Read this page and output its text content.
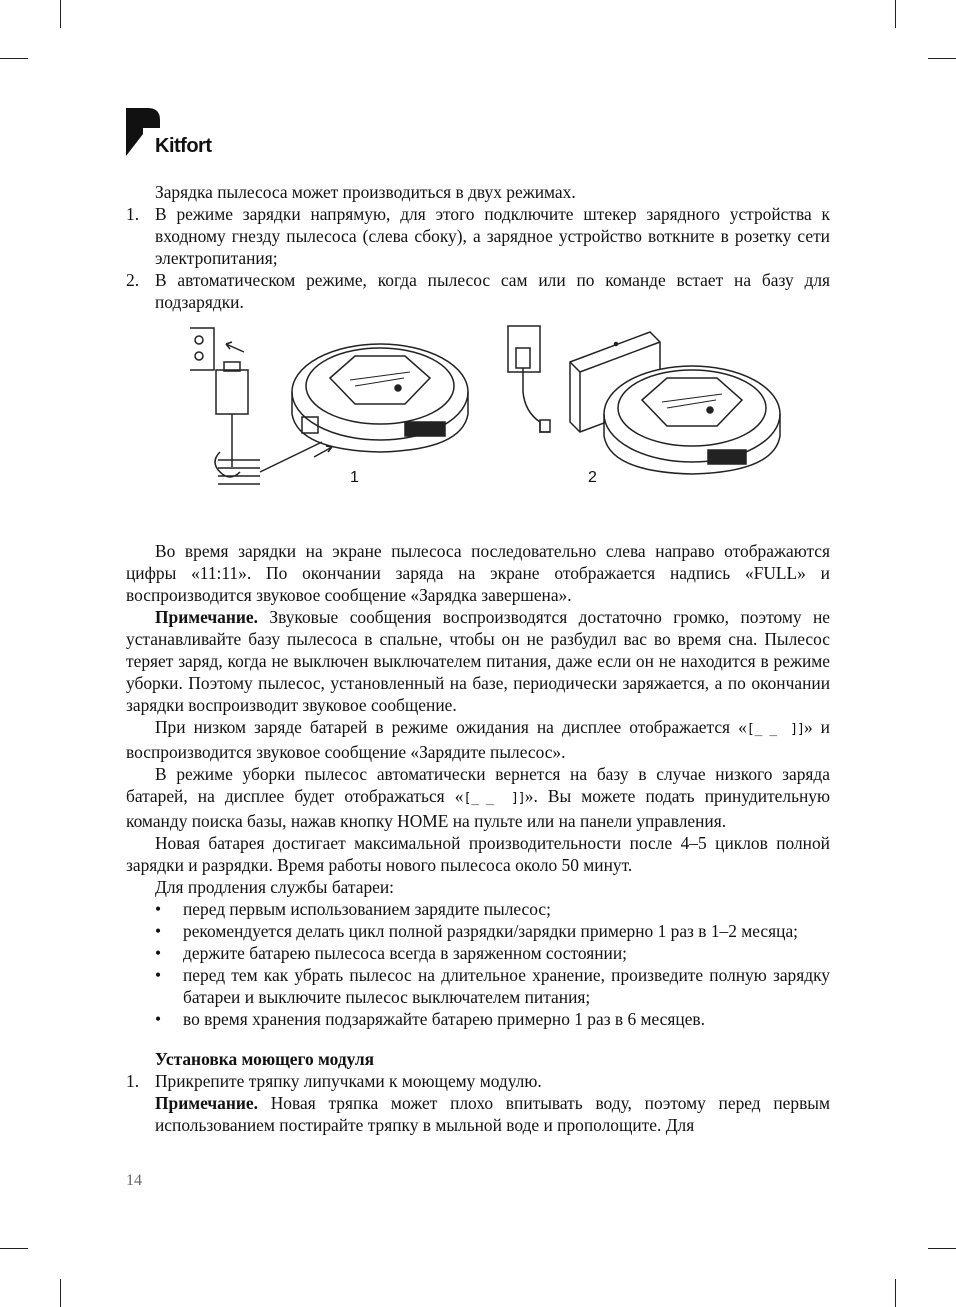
Kitfort

Зарядка пылесоса может производиться в двух режимах.

1. В режиме зарядки напрямую, для этого подключите штекер зарядного устройства к входному гнезду пылесоса (слева сбоку), а зарядное устройство воткните в розетку сети электропитания;
2. В автоматическом режиме, когда пылесос сам или по команде встает на базу для подзарядки.
1	2

Во время зарядки на экране пылесоса последовательно слева направо отображаются цифры «11:11». По окончании заряда на экране отображается надпись «FULL» и воспроизводится звуковое сообщение «Зарядка завершена».

Примечание. Звуковые сообщения воспроизводятся достаточно громко, поэтому не устанавливайте базу пылесоса в спальне, чтобы он не разбудил вас во время сна. Пылесос теряет заряд, когда не выключен выключателем питания, даже если он не находится в режиме уборки. Поэтому пылесос, установленный на базе, периодически заряжается, а по окончании зарядки воспроизводит звуковое сообщение.

При низком заряде батарей в режиме ожидания на дисплее отображается «[̲ ̲ ]]» и воспроизводится звуковое сообщение «Зарядите пылесос».

В режиме уборки пылесос автоматически вернется на базу в случае низкого заряда батарей, на дисплее будет отображаться «[̲ ̲ ]]». Вы можете подать принудительную команду поиска базы, нажав кнопку HOME на пульте или на панели управления.

Новая батарея достигает максимальной производительности после 4–5 циклов полной зарядки и разрядки. Время работы нового пылесоса около 50 минут.

Для продления службы батареи:

• перед первым использованием зарядите пылесос;
• рекомендуется делать цикл полной разрядки/зарядки примерно 1 раз в 1–2 месяца;
• держите батарею пылесоса всегда в заряженном состоянии;
• перед тем как убрать пылесос на длительное хранение, произведите полную зарядку батареи и выключите пылесос выключателем питания;
• во время хранения подзаряжайте батарею примерно 1 раз в 6 месяцев.

Установка моющего модуля

1. Прикрепите тряпку липучками к моющему модулю.

Примечание. Новая тряпка может плохо впитывать воду, поэтому перед первым использованием постирайте тряпку в мыльной воде и прополощите. Для

14
